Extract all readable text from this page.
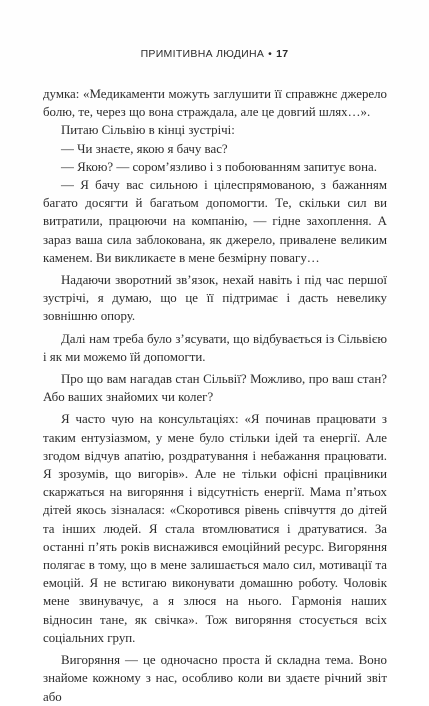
ПРИМІТИВНА ЛЮДИНА • 17

думка: «Медикаменти можуть заглушити її справжнє джерело болю, те, через що вона страждала, але це довгий шлях…».

Питаю Сільвію в кінці зустрічі:

— Чи знаєте, якою я бачу вас?

— Якою? — сором’язливо і з побоюванням запитує вона.

— Я бачу вас сильною і цілеспрямованою, з бажанням багато досягти й багатьом допомогти. Те, скільки сил ви витратили, працюючи на компанію, — гідне захоплення. А зараз ваша сила заблокована, як джерело, привалене великим каменем. Ви викликаєте в мене безмірну повагу…

Надаючи зворотний зв’язок, нехай навіть і під час першої зустрічі, я думаю, що це її підтримає і дасть невелику зовнішню опору.

Далі нам треба було з’ясувати, що відбувається із Сільвією і як ми можемо їй допомогти.

Про що вам нагадав стан Сільвії? Можливо, про ваш стан? Або ваших знайомих чи колег?

Я часто чую на консультаціях: «Я починав працювати з таким ентузіазмом, у мене було стільки ідей та енергії. Але згодом відчув апатію, роздратування і небажання працювати. Я зрозумів, що вигорів». Але не тільки офісні працівники скаржаться на вигоряння і відсутність енергії. Мама п’ятьох дітей якось зізналася: «Скоротився рівень співчуття до дітей та інших людей. Я стала втомлюватися і дратуватися. За останні п’ять років виснажився емоційний ресурс. Вигоряння полягає в тому, що в мене залишається мало сил, мотивації та емоцій. Я не встигаю виконувати домашню роботу. Чоловік мене звинувачує, а я злюся на нього. Гармонія наших відносин тане, як свічка». Тож вигоряння стосується всіх соціальних груп.

Вигоряння — це одночасно проста й складна тема. Воно знайоме кожному з нас, особливо коли ви здаєте річний звіт або
